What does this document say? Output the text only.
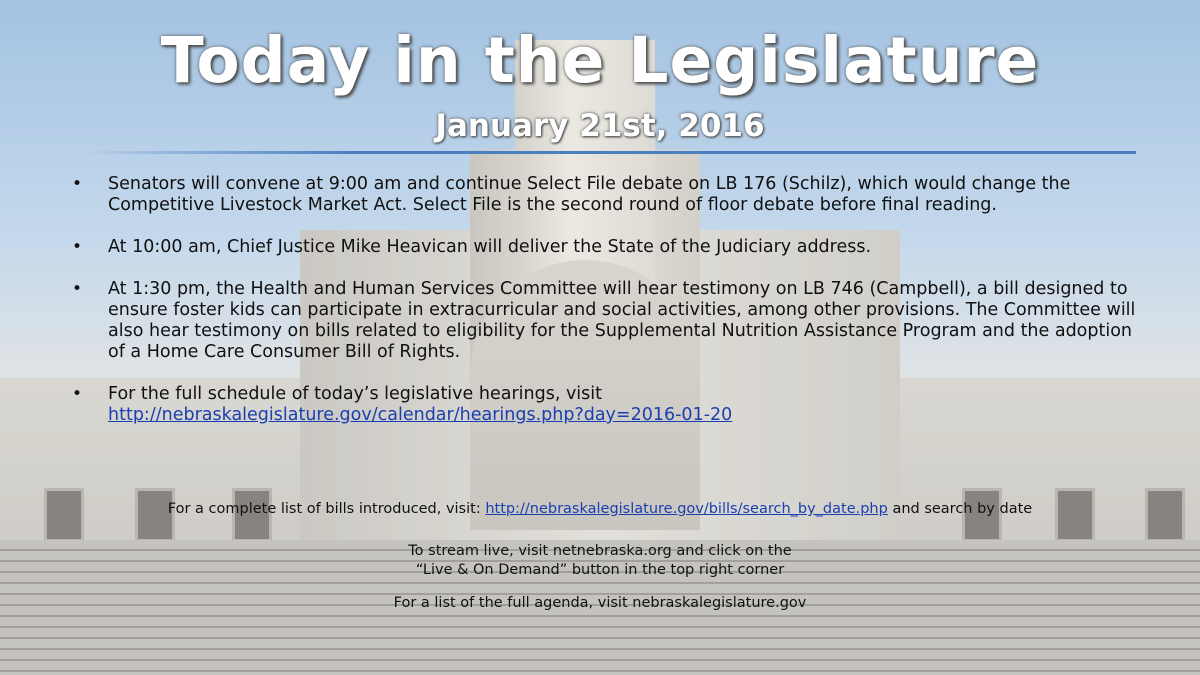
Today in the Legislature
January 21st, 2016
• Senators will convene at 9:00 am and continue Select File debate on LB 176 (Schilz), which would change the Competitive Livestock Market Act. Select File is the second round of floor debate before final reading.
• At 10:00 am, Chief Justice Mike Heavican will deliver the State of the Judiciary address.
• At 1:30 pm, the Health and Human Services Committee will hear testimony on LB 746 (Campbell), a bill designed to ensure foster kids can participate in extracurricular and social activities, among other provisions. The Committee will also hear testimony on bills related to eligibility for the Supplemental Nutrition Assistance Program and the adoption of a Home Care Consumer Bill of Rights.
• For the full schedule of today’s legislative hearings, visit
http://nebraskalegislature.gov/calendar/hearings.php?day=2016-01-20
For a complete list of bills introduced, visit: http://nebraskalegislature.gov/bills/search_by_date.php and search by date
To stream live, visit netnebraska.org and click on the
“Live & On Demand” button in the top right corner
For a list of the full agenda, visit nebraskalegislature.gov
